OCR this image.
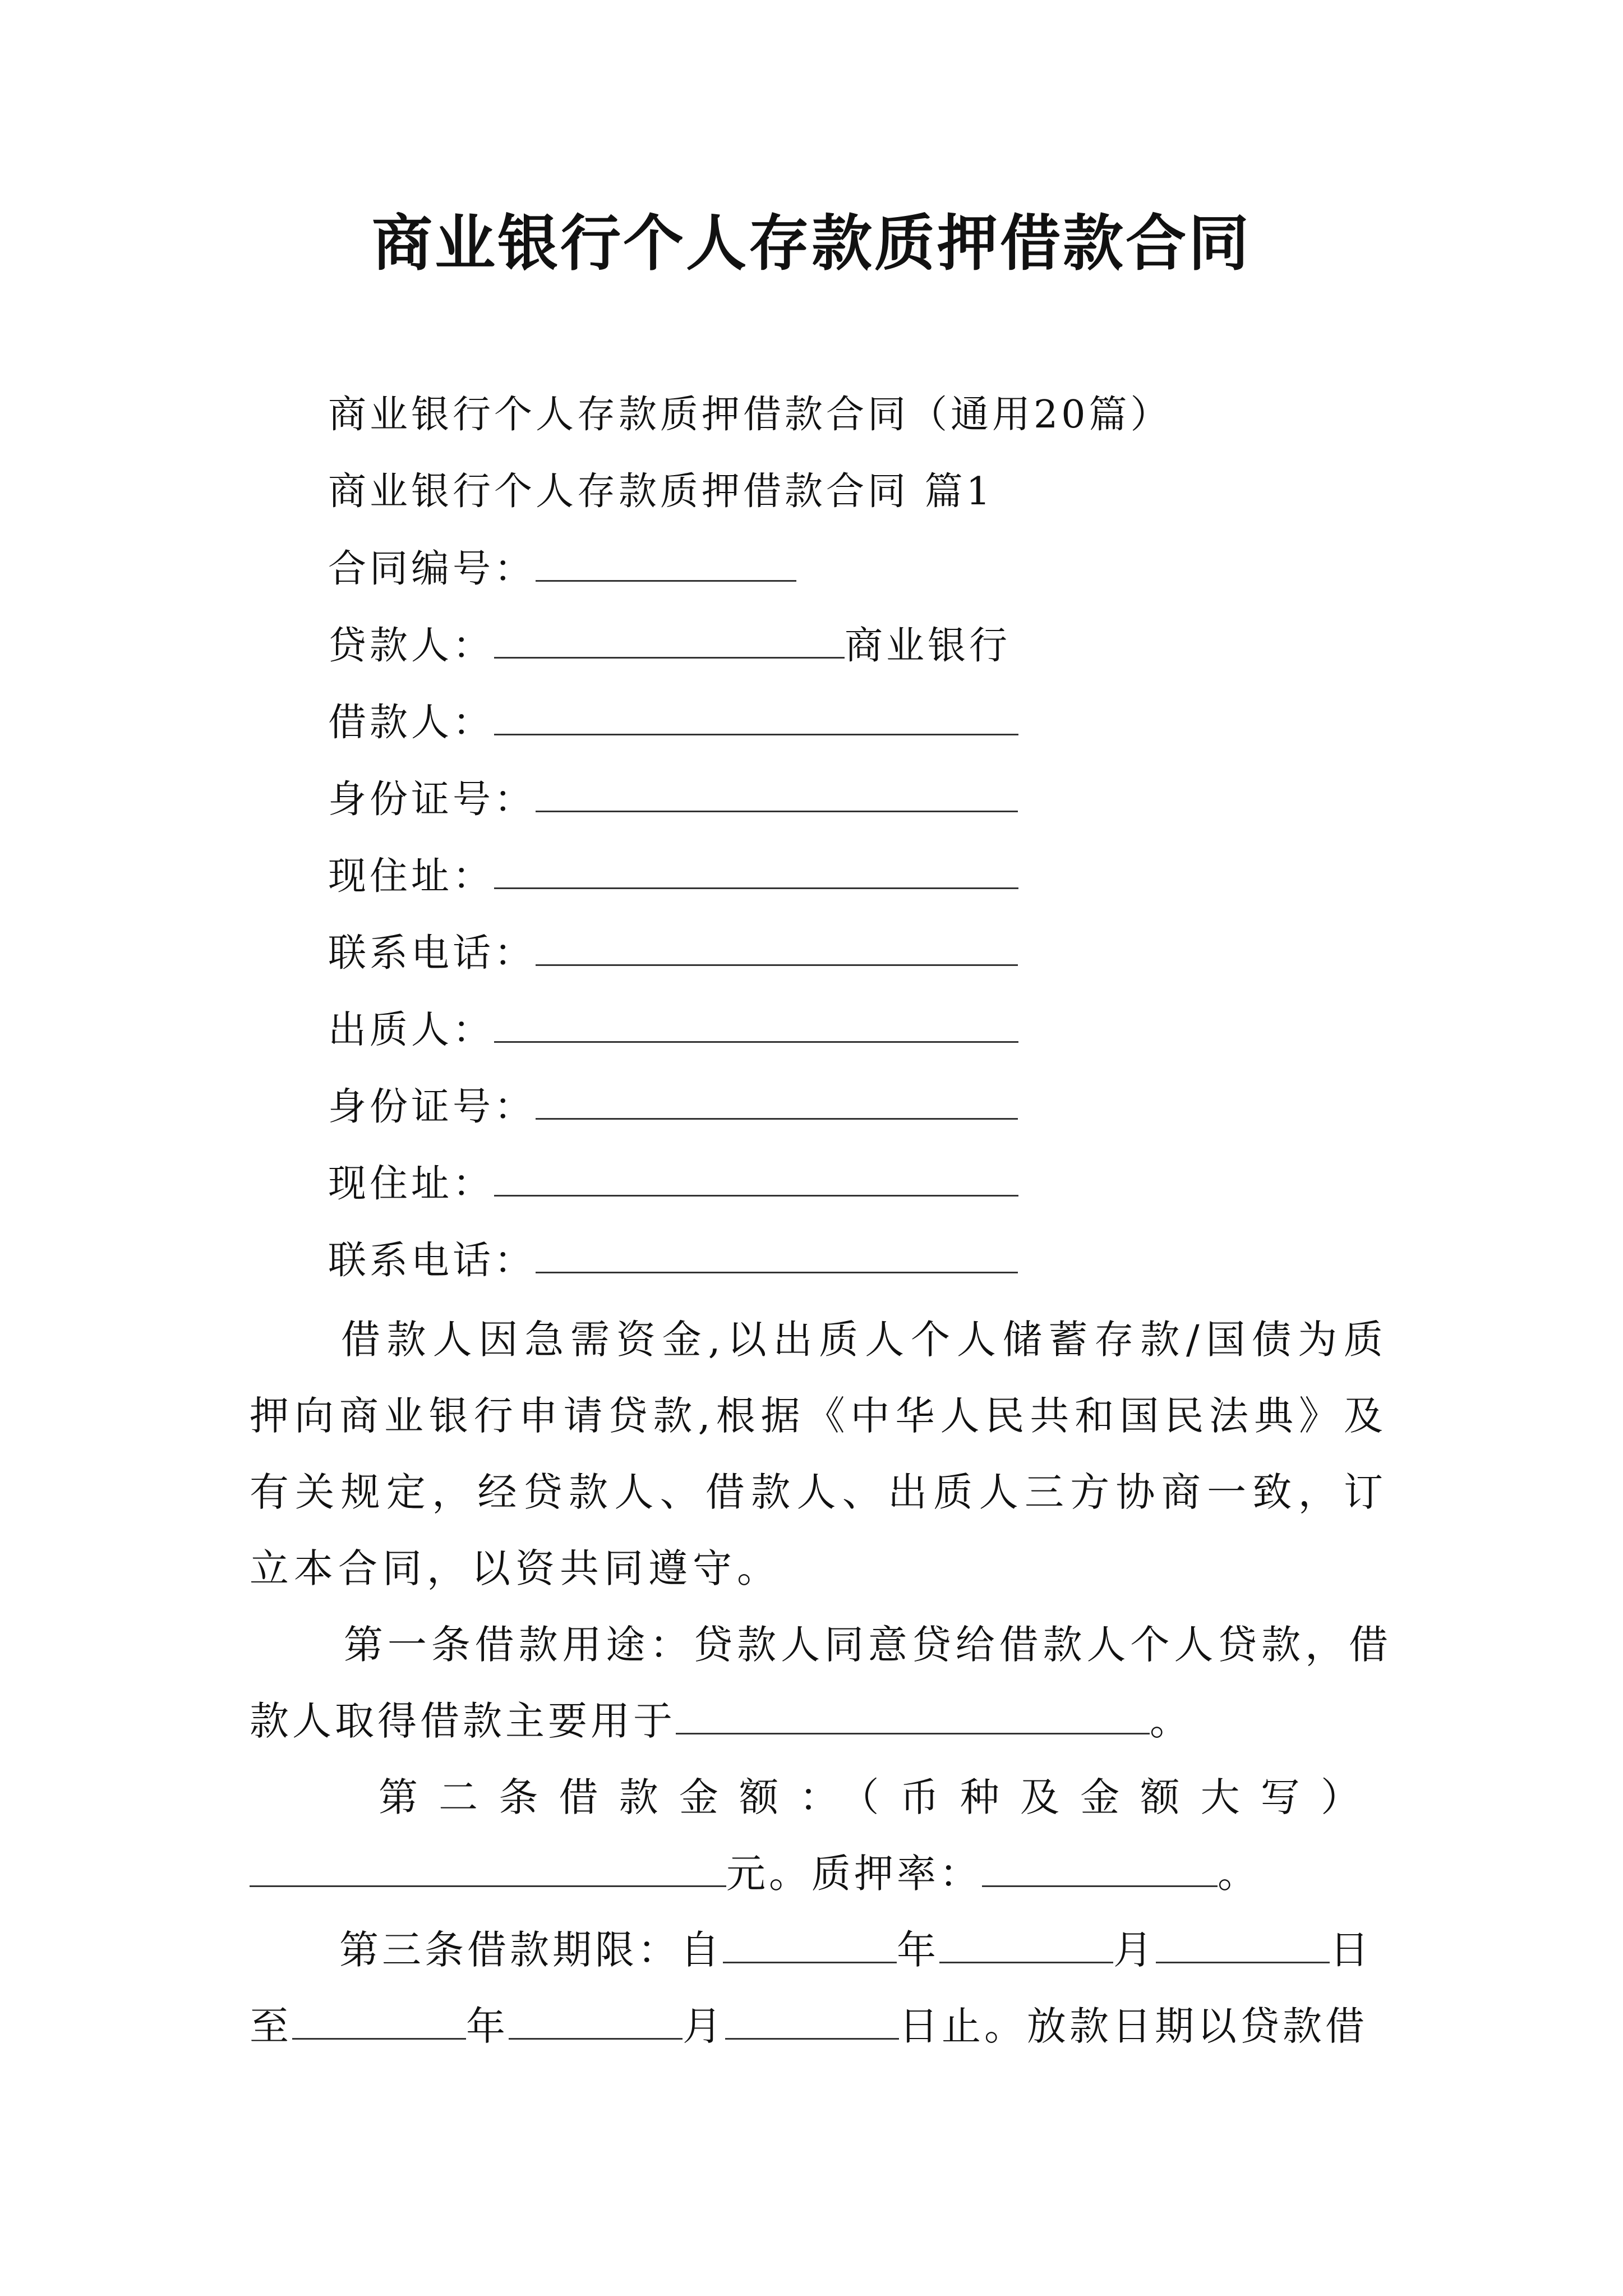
商业银行个人存款质押借款合同
商业银行个人存款质押借款合同（通用20篇）
商业银行个人存款质押借款合同 篇1
合同编号：
贷款人：	商业银行
借款人：
身份证号：
现住址：
联系电话：
出质人：
身份证号：
现住址：
联系电话：
借款人因急需资金,以出质人个人储蓄存款/国债为质押向商业银行申请贷款,根据《中华人民共和国民法典》及有关规定，经贷款人、借款人、出质人三方协商一致，订立本合同，以资共同遵守。
第一条借款用途：贷款人同意贷给借款人个人贷款，借
款人取得借款主要用于	。
第二条借款金额：（币种及金额大写）
元。质押率：	。
第三条借款期限：自	年	月	日
至	年	月	日止。放款日期以贷款借
